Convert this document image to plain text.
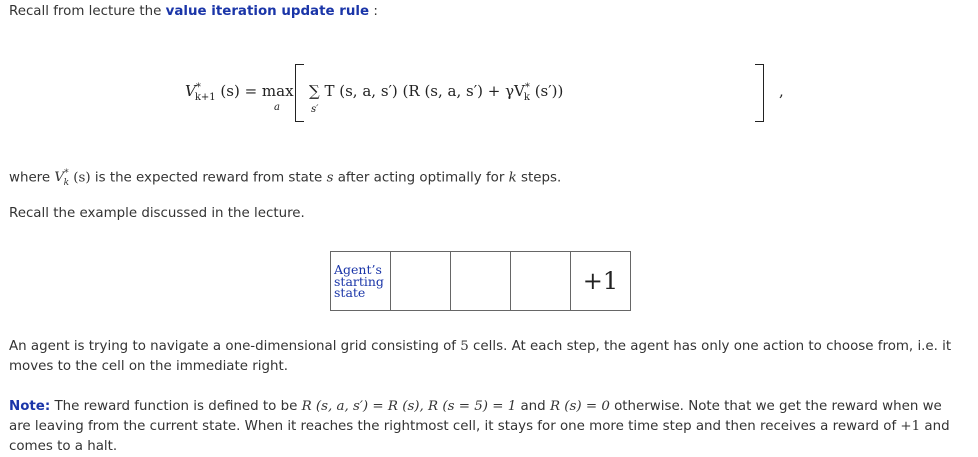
Recall from lecture the value iteration update rule :

$V^*_{k+1}$ (s) = max
a
∑ T (s, a, s′) (R (s, a, $s') + \gamma V^*_k$ (s′))
s′
,

where $V^*_k$ (s) is the expected reward from state s after acting optimally for k steps.

Recall the example discussed in the lecture.

Agent’s
starting
state	+1

An agent is trying to navigate a one-dimensional grid consisting of 5 cells. At each step, the agent has only one action to choose from, i.e. it moves to the cell on the immediate right.

Note: The reward function is defined to be R (s, a, s′) = R (s), R (s = 5) = 1 and R (s) = 0 otherwise. Note that we get the reward when we are leaving from the current state. When it reaches the rightmost cell, it stays for one more time step and then receives a reward of +1 and comes to a halt.
